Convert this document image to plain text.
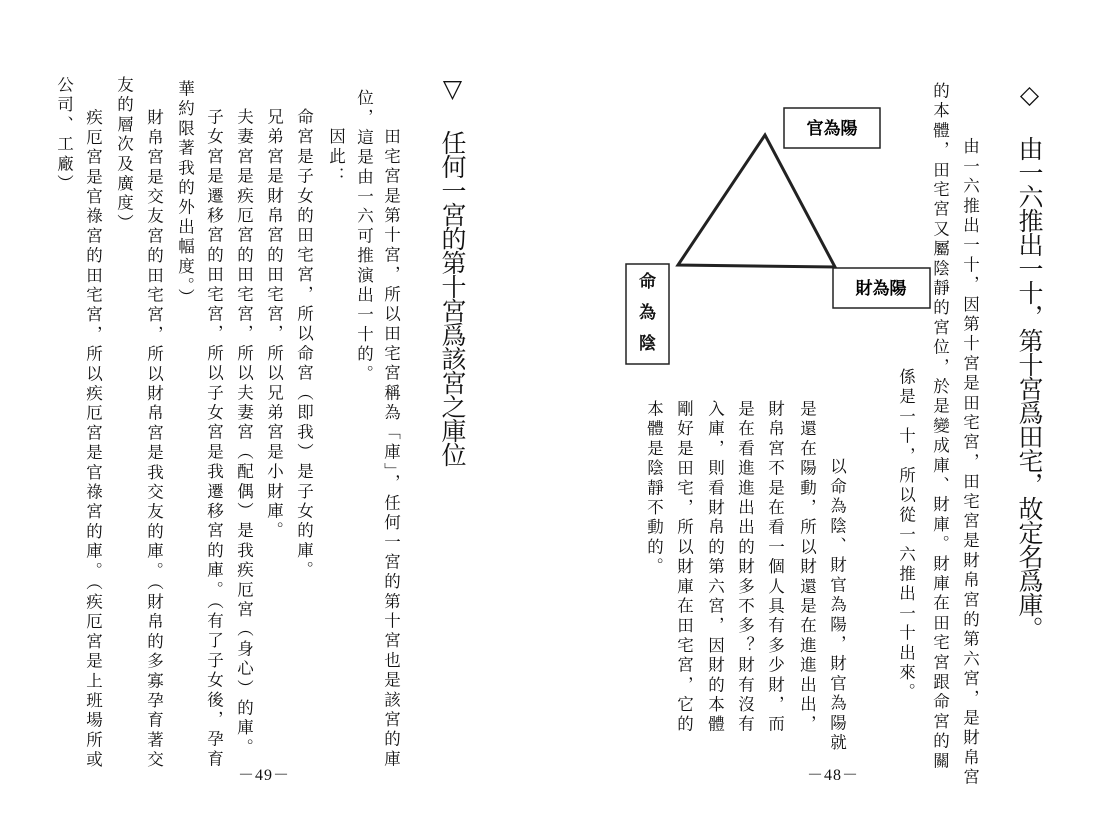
▽ 任何一宮的第十宮爲該宮之庫位
　田宅宮是第十宮，所以田宅宮稱為「庫」，任何一宮的第十宮也是該宮的庫
位，這是由一六可推演出一十的。
　因此：
命宮是子女的田宅宮，所以命宮（即我）是子女的庫。
兄弟宮是財帛宮的田宅宮，所以兄弟宮是小財庫。
夫妻宮是疾厄宮的田宅宮，所以夫妻宮（配偶）是我疾厄宮（身心）的庫。
子女宮是遷移宮的田宅宮，所以子女宮是我遷移宮的庫。（有了子女後，孕育
華約限著我的外出幅度。）
　財帛宮是交友宮的田宅宮，所以財帛宮是我交友的庫。（財帛的多寡孕育著交
友的層次及廣度）
　疾厄宮是官祿宮的田宅宮，所以疾厄宮是官祿宮的庫。（疾厄宮是上班場所或
公司、工廠）
－49－
◇ 由一六推出一十，第十宮爲田宅，故定名爲庫。
　由一六推出一十，因第十宮是田宅宮，田宅宮是財帛宮的第六宮，是財帛宮
的本體，田宅宮又屬陰靜的宮位，於是變成庫、財庫。財庫在田宅宮跟命宮的關
係是一十，所以從一六推出一十出來。
官為陽
財為陽
命為陰
　以命為陰、財官為陽，財官為陽就
是還在陽動，所以財還是在進進出出，
財帛宮不是在看一個人具有多少財，而
是在看進進出出的財多不多？財有沒有
入庫，則看財帛的第六宮，因財的本體
剛好是田宅，所以財庫在田宅宮，它的
本體是陰靜不動的。
－48－
